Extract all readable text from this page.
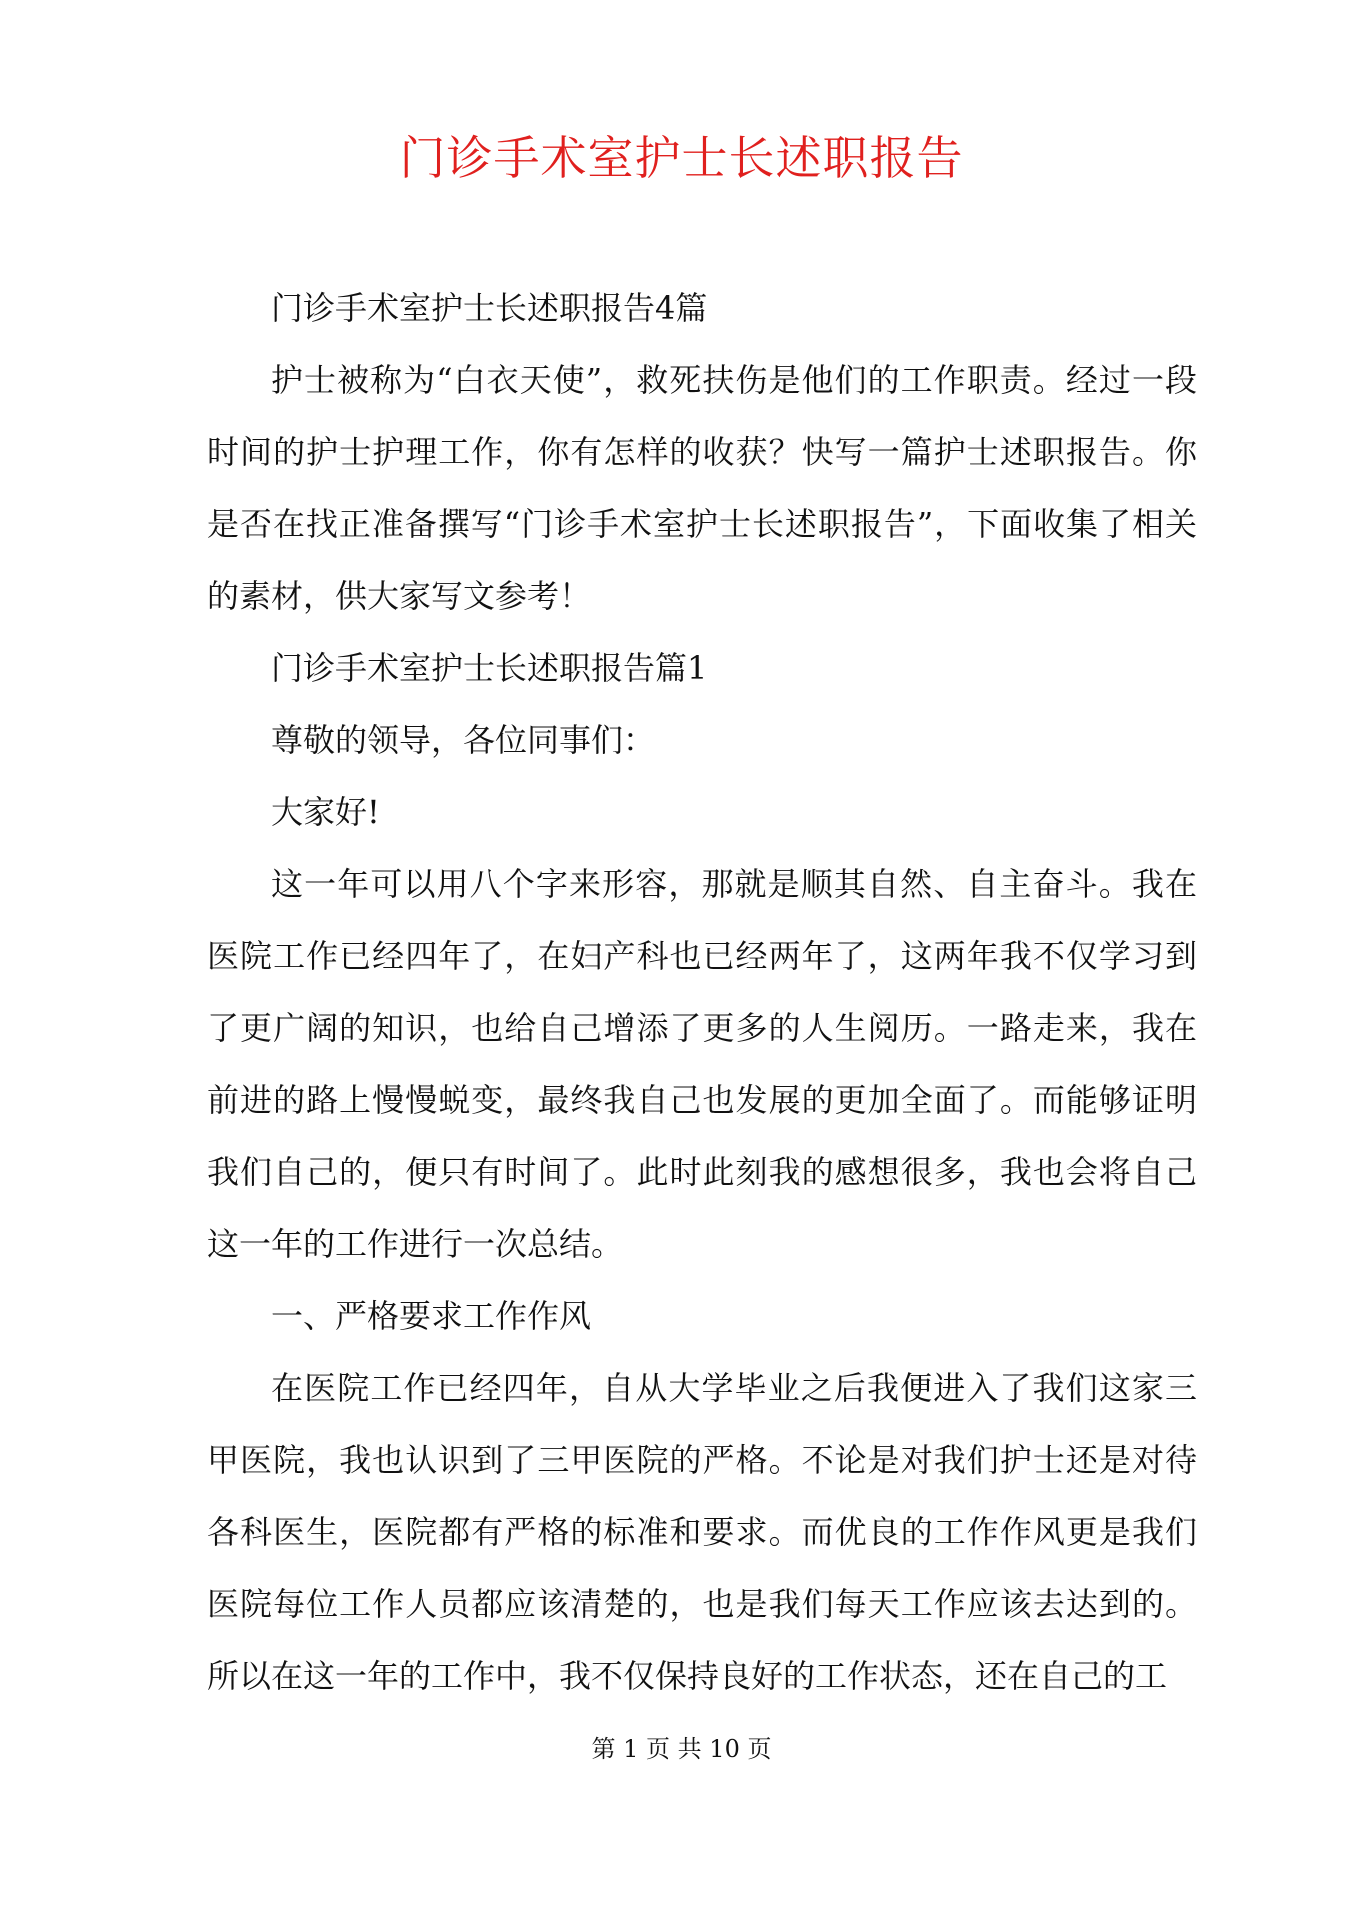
门诊手术室护士长述职报告

门诊手术室护士长述职报告4篇

护士被称为“白衣天使”，救死扶伤是他们的工作职责。经过一段时间的护士护理工作，你有怎样的收获？快写一篇护士述职报告。你是否在找正准备撰写“门诊手术室护士长述职报告”，下面收集了相关的素材，供大家写文参考！

门诊手术室护士长述职报告篇1

尊敬的领导，各位同事们：

大家好!

这一年可以用八个字来形容，那就是顺其自然、自主奋斗。我在医院工作已经四年了，在妇产科也已经两年了，这两年我不仅学习到了更广阔的知识，也给自己增添了更多的人生阅历。一路走来，我在前进的路上慢慢蜕变，最终我自己也发展的更加全面了。而能够证明我们自己的，便只有时间了。此时此刻我的感想很多，我也会将自己这一年的工作进行一次总结。

一、严格要求工作作风

在医院工作已经四年，自从大学毕业之后我便进入了我们这家三甲医院，我也认识到了三甲医院的严格。不论是对我们护士还是对待各科医生，医院都有严格的标准和要求。而优良的工作作风更是我们医院每位工作人员都应该清楚的，也是我们每天工作应该去达到的。所以在这一年的工作中，我不仅保持良好的工作状态，还在自己的工

第 1 页 共 10 页
